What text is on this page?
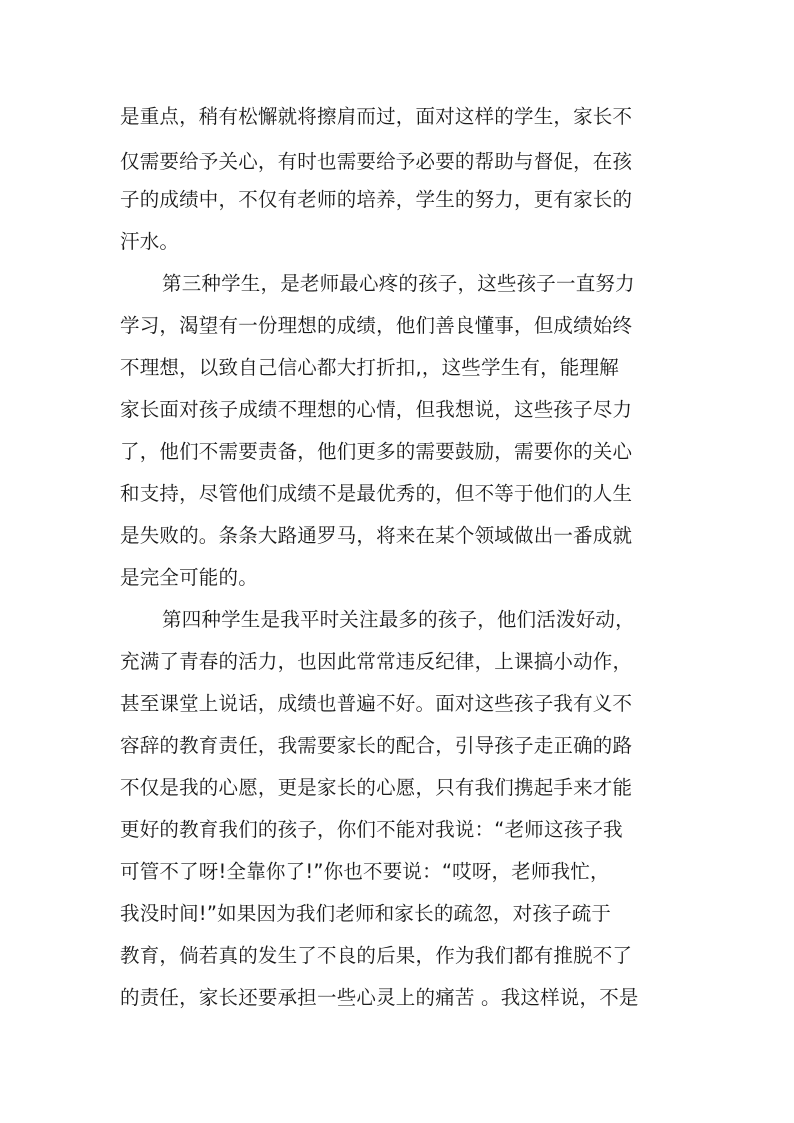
是重点，稍有松懈就将擦肩而过，面对这样的学生，家长不
仅需要给予关心，有时也需要给予必要的帮助与督促，在孩
子的成绩中，不仅有老师的培养，学生的努力，更有家长的
汗水。
第三种学生，是老师最心疼的孩子，这些孩子一直努力
学习，渴望有一份理想的成绩，他们善良懂事，但成绩始终
不理想，以致自己信心都大打折扣,，这些学生有，能理解
家长面对孩子成绩不理想的心情，但我想说，这些孩子尽力
了，他们不需要责备，他们更多的需要鼓励，需要你的关心
和支持，尽管他们成绩不是最优秀的，但不等于他们的人生
是失败的。条条大路通罗马，将来在某个领域做出一番成就
是完全可能的。
第四种学生是我平时关注最多的孩子，他们活泼好动，
充满了青春的活力，也因此常常违反纪律，上课搞小动作，
甚至课堂上说话，成绩也普遍不好。面对这些孩子我有义不
容辞的教育责任，我需要家长的配合，引导孩子走正确的路
不仅是我的心愿，更是家长的心愿，只有我们携起手来才能
更好的教育我们的孩子，你们不能对我说：“老师这孩子我
可管不了呀!全靠你了!”你也不要说：“哎呀，老师我忙，
我没时间!”如果因为我们老师和家长的疏忽，对孩子疏于
教育，倘若真的发生了不良的后果，作为我们都有推脱不了
的责任，家长还要承担一些心灵上的痛苦 。我这样说，不是
